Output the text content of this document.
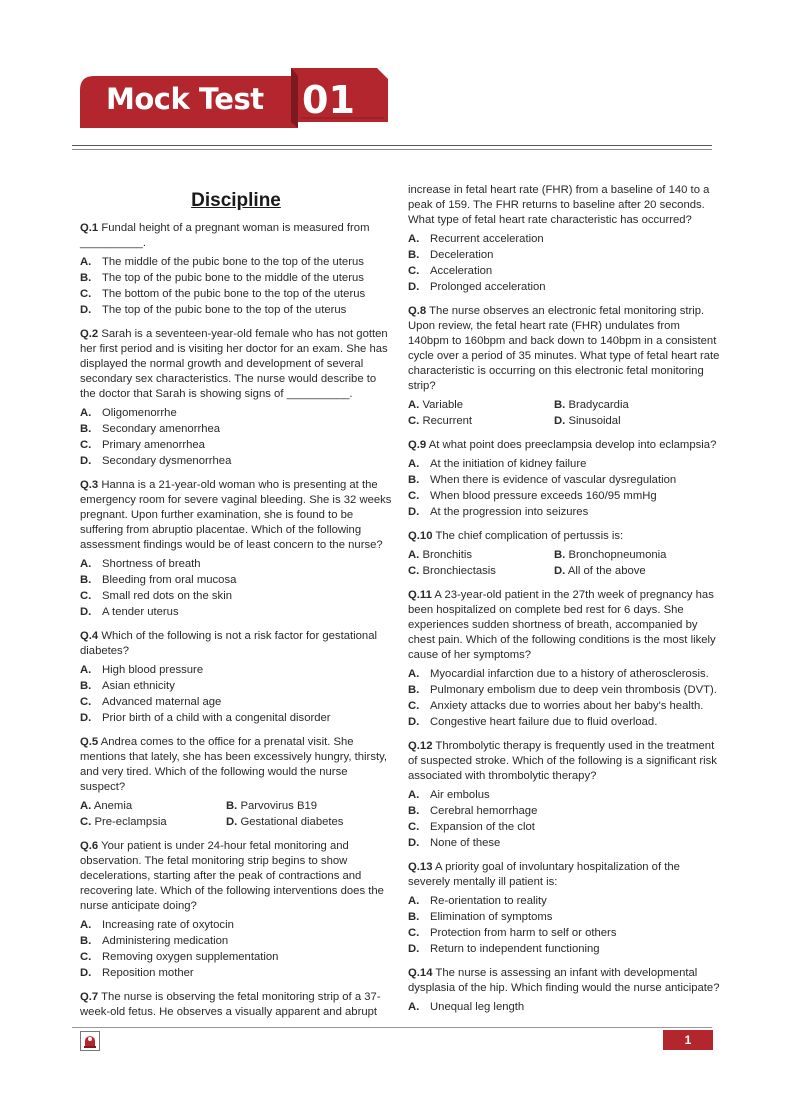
Mock Test 01
Discipline
Q.1 Fundal height of a pregnant woman is measured from __________.
A. The middle of the pubic bone to the top of the uterus
B. The top of the pubic bone to the middle of the uterus
C. The bottom of the pubic bone to the top of the uterus
D. The top of the pubic bone to the top of the uterus
Q.2 Sarah is a seventeen-year-old female who has not gotten her first period and is visiting her doctor for an exam. She has displayed the normal growth and development of several secondary sex characteristics. The nurse would describe to the doctor that Sarah is showing signs of __________.
A. Oligomenorrhe
B. Secondary amenorrhea
C. Primary amenorrhea
D. Secondary dysmenorrhea
Q.3 Hanna is a 21-year-old woman who is presenting at the emergency room for severe vaginal bleeding. She is 32 weeks pregnant. Upon further examination, she is found to be suffering from abruptio placentae. Which of the following assessment findings would be of least concern to the nurse?
A. Shortness of breath
B. Bleeding from oral mucosa
C. Small red dots on the skin
D. A tender uterus
Q.4 Which of the following is not a risk factor for gestational diabetes?
A. High blood pressure
B. Asian ethnicity
C. Advanced maternal age
D. Prior birth of a child with a congenital disorder
Q.5 Andrea comes to the office for a prenatal visit. She mentions that lately, she has been excessively hungry, thirsty, and very tired. Which of the following would the nurse suspect?
A. Anemia	B. Parvovirus B19
C. Pre-eclampsia	D. Gestational diabetes
Q.6 Your patient is under 24-hour fetal monitoring and observation. The fetal monitoring strip begins to show decelerations, starting after the peak of contractions and recovering late. Which of the following interventions does the nurse anticipate doing?
A. Increasing rate of oxytocin
B. Administering medication
C. Removing oxygen supplementation
D. Reposition mother
Q.7 The nurse is observing the fetal monitoring strip of a 37-week-old fetus. He observes a visually apparent and abrupt
increase in fetal heart rate (FHR) from a baseline of 140 to a peak of 159. The FHR returns to baseline after 20 seconds. What type of fetal heart rate characteristic has occurred?
A. Recurrent acceleration
B. Deceleration
C. Acceleration
D. Prolonged acceleration
Q.8 The nurse observes an electronic fetal monitoring strip. Upon review, the fetal heart rate (FHR) undulates from 140bpm to 160bpm and back down to 140bpm in a consistent cycle over a period of 35 minutes. What type of fetal heart rate characteristic is occurring on this electronic fetal monitoring strip?
A. Variable	B. Bradycardia
C. Recurrent	D. Sinusoidal
Q.9 At what point does preeclampsia develop into eclampsia?
A. At the initiation of kidney failure
B. When there is evidence of vascular dysregulation
C. When blood pressure exceeds 160/95 mmHg
D. At the progression into seizures
Q.10 The chief complication of pertussis is:
A. Bronchitis	B. Bronchopneumonia
C. Bronchiectasis	D. All of the above
Q.11 A 23-year-old patient in the 27th week of pregnancy has been hospitalized on complete bed rest for 6 days. She experiences sudden shortness of breath, accompanied by chest pain. Which of the following conditions is the most likely cause of her symptoms?
A. Myocardial infarction due to a history of atherosclerosis.
B. Pulmonary embolism due to deep vein thrombosis (DVT).
C. Anxiety attacks due to worries about her baby's health.
D. Congestive heart failure due to fluid overload.
Q.12 Thrombolytic therapy is frequently used in the treatment of suspected stroke. Which of the following is a significant risk associated with thrombolytic therapy?
A. Air embolus
B. Cerebral hemorrhage
C. Expansion of the clot
D. None of these
Q.13 A priority goal of involuntary hospitalization of the severely mentally ill patient is:
A. Re-orientation to reality
B. Elimination of symptoms
C. Protection from harm to self or others
D. Return to independent functioning
Q.14 The nurse is assessing an infant with developmental dysplasia of the hip. Which finding would the nurse anticipate?
A. Unequal leg length
1
